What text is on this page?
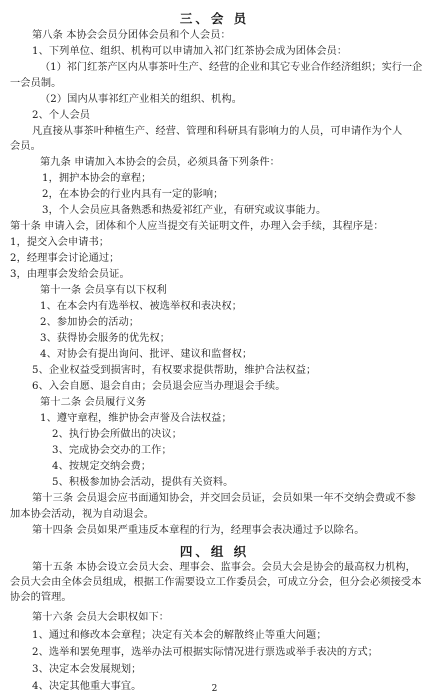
三、会 员
第八条 本协会会员分团体会员和个人会员：
1、下列单位、组织、机构可以申请加入祁门红茶协会成为团体会员：
（1）祁门红茶产区内从事茶叶生产、经营的企业和其它专业合作经济组织；实行一企
一会员制。
（2）国内从事祁红产业相关的组织、机构。
2、个人会员
凡直接从事茶叶种植生产、经营、管理和科研具有影响力的人员，可申请作为个人
会员。
第九条 申请加入本协会的会员，必须具备下列条件：
1，拥护本协会的章程；
2，在本协会的行业内具有一定的影响；
3，个人会员应具备熟悉和热爱祁红产业，有研究或议事能力。
第十条 申请入会，团体和个人应当提交有关证明文件，办理入会手续，其程序是：
1，提交入会申请书；
2，经理事会讨论通过；
3，由理事会发给会员证。
第十一条 会员享有以下权利
1、在本会内有选举权、被选举权和表决权；
2、参加协会的活动；
3、获得协会服务的优先权；
4、对协会有提出询问、批评、建议和监督权；
5、企业权益受到损害时，有权要求提供帮助，维护合法权益；
6、入会自愿、退会自由；会员退会应当办理退会手续。
第十二条 会员履行义务
1、遵守章程，维护协会声誉及合法权益；
2、执行协会所做出的决议；
3、完成协会交办的工作；
4、按规定交纳会费；
5、积极参加协会活动，提供有关资料。
第十三条 会员退会应书面通知协会，并交回会员证，会员如果一年不交纳会费或不参
加本协会活动，视为自动退会。
第十四条 会员如果严重违反本章程的行为，经理事会表决通过予以除名。
四、组 织
第十五条 本协会设立会员大会、理事会、监事会。会员大会是协会的最高权力机构，
会员大会由全体会员组成，根据工作需要设立工作委员会，可成立分会，但分会必须接受本
协会的管理。
第十六条 会员大会职权如下：
1、通过和修改本会章程；决定有关本会的解散终止等重大问题；
2、选举和罢免理事，选举办法可根据实际情况进行票选或举手表决的方式；
3、决定本会发展规划；
4、决定其他重大事宜。	2
